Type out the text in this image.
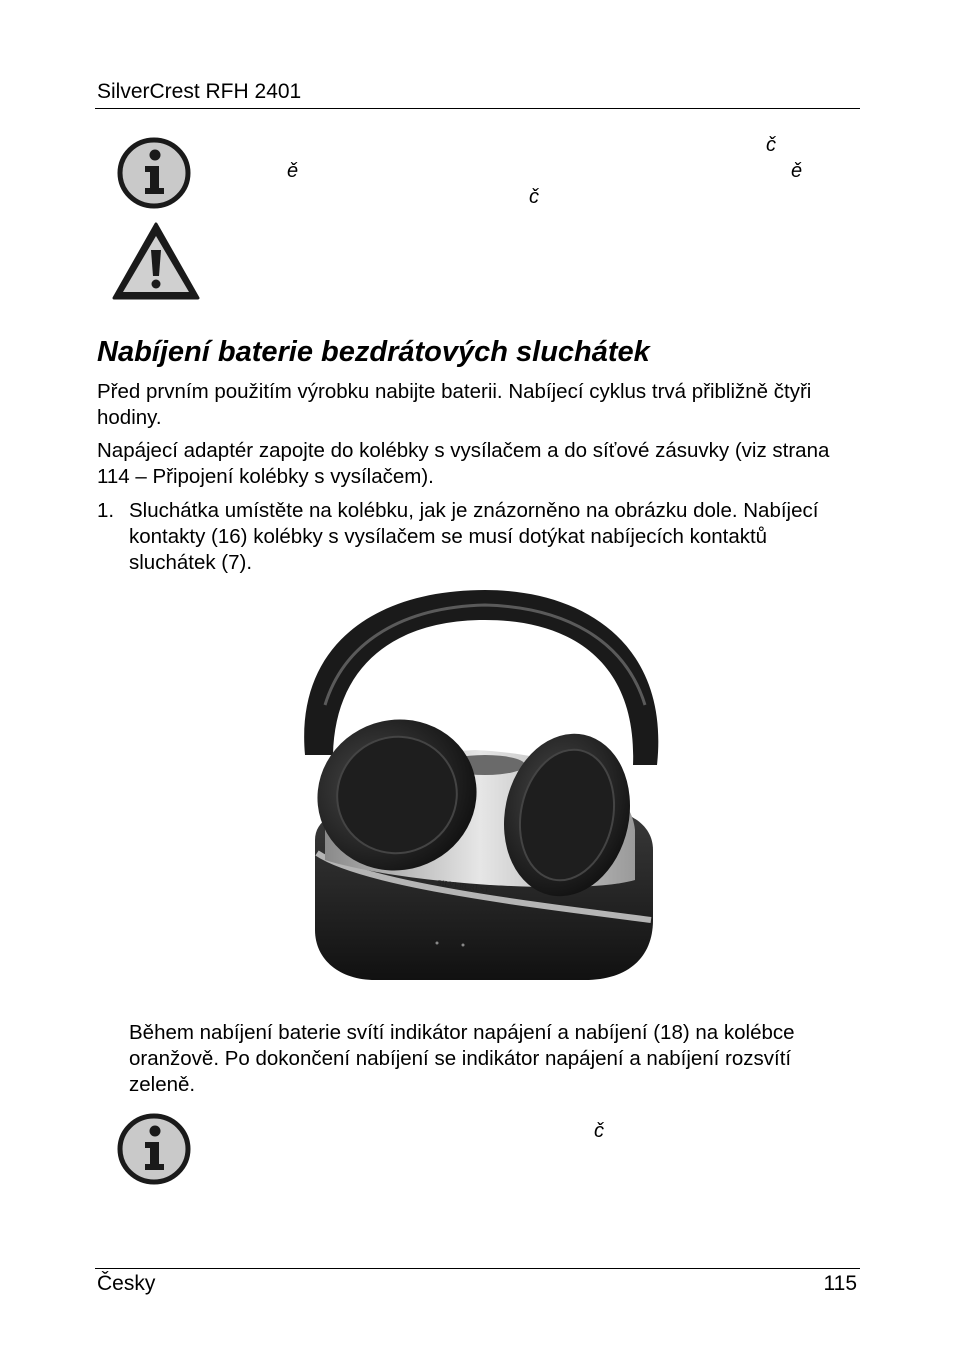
SilverCrest RFH 2401
č
ě	ě
č
Nabíjení baterie bezdrátových sluchátek
Před prvním použitím výrobku nabijte baterii. Nabíjecí cyklus trvá přibližně čtyři hodiny.
Napájecí adaptér zapojte do kolébky s vysílačem a do síťové zásuvky (viz strana 114 – Připojení kolébky s vysílačem).
1. Sluchátka umístěte na kolébku, jak je znázorněno na obrázku dole. Nabíjecí kontakty (16) kolébky s vysílačem se musí dotýkat nabíjecích kontaktů sluchátek (7).
SILVERCREST
Během nabíjení baterie svítí indikátor napájení a nabíjení (18) na kolébce oranžově. Po dokončení nabíjení se indikátor napájení a nabíjení rozsvítí zeleně.
č
Česky	115
